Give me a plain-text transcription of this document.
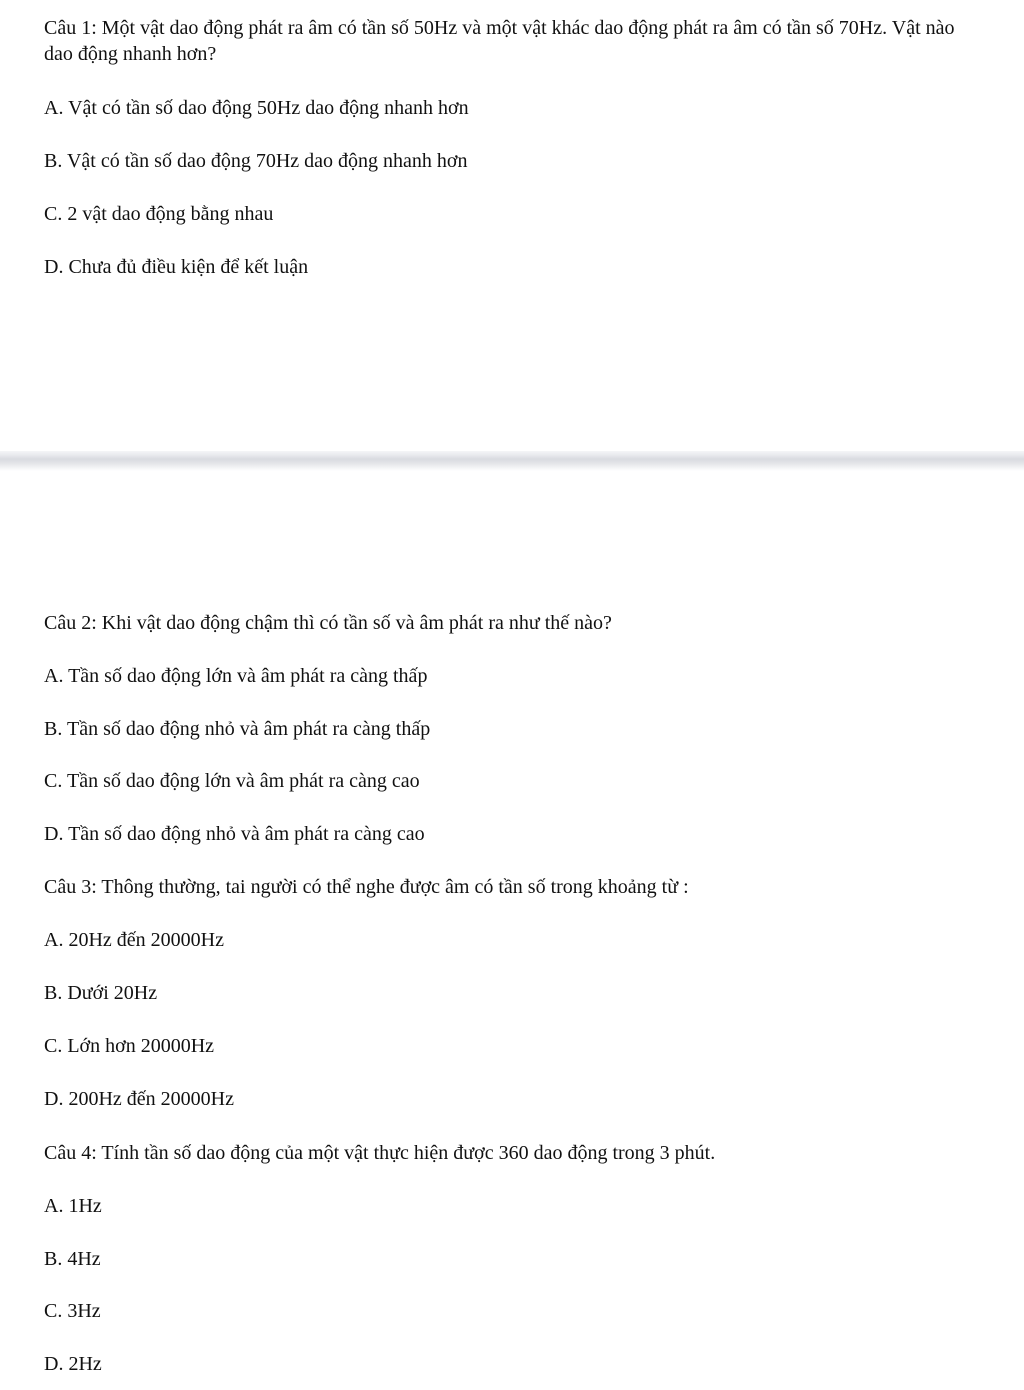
Câu 1: Một vật dao động phát ra âm có tần số 50Hz và một vật khác dao động phát ra âm có tần số 70Hz. Vật nào dao động nhanh hơn?
A. Vật có tần số dao động 50Hz dao động nhanh hơn
B. Vật có tần số dao động 70Hz dao động nhanh hơn
C. 2 vật dao động bằng nhau
D. Chưa đủ điều kiện để kết luận
Câu 2: Khi vật dao động chậm thì có tần số và âm phát ra như thế nào?
A. Tần số dao động lớn và âm phát ra càng thấp
B. Tần số dao động nhỏ và âm phát ra càng thấp
C. Tần số dao động lớn và âm phát ra càng cao
D. Tần số dao động nhỏ và âm phát ra càng cao
Câu 3: Thông thường, tai người có thể nghe được âm có tần số trong khoảng từ :
A. 20Hz đến 20000Hz
B. Dưới 20Hz
C. Lớn hơn 20000Hz
D. 200Hz đến 20000Hz
Câu 4: Tính tần số dao động của một vật thực hiện được 360 dao động trong 3 phút.
A. 1Hz
B. 4Hz
C. 3Hz
D. 2Hz
